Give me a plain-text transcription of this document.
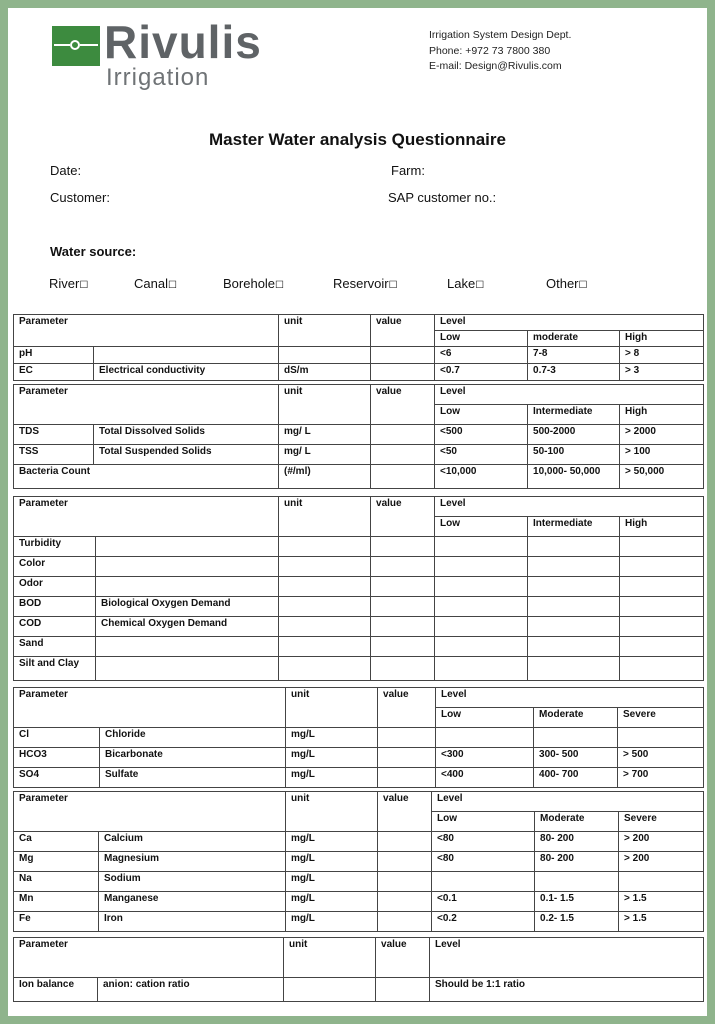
Rivulis
Irrigation
Irrigation System Design Dept.
Phone: +972 73 7800 380
E-mail: Design@Rivulis.com
Master Water analysis Questionnaire
Date:	Farm:
Customer:	SAP customer no.:
Water source:
River☐	Canal☐	Borehole☐	Reservoir☐	Lake☐	Other☐
Parameter		unit	value	Level		
				Low	moderate	High
pH				<6	7-8	> 8
EC	Electrical conductivity	dS/m		<0.7	0.7-3	> 3
Parameter		unit	value	Level		
				Low	Intermediate	High
TDS	Total Dissolved Solids	mg/ L		<500	500-2000	> 2000
TSS	Total Suspended Solids	mg/ L		<50	50-100	> 100
Bacteria Count		(#/ml)		<10,000	10,000- 50,000	> 50,000
Parameter		unit	value	Level		
				Low	Intermediate	High
Turbidity						
Color						
Odor						
BOD	Biological Oxygen Demand					
COD	Chemical Oxygen Demand					
Sand						
Silt and Clay						
Parameter		unit	value	Level		
				Low	Moderate	Severe
Cl	Chloride	mg/L				
HCO3	Bicarbonate	mg/L		<300	300- 500	> 500
SO4	Sulfate	mg/L		<400	400- 700	> 700
Parameter		unit	value	Level		
				Low	Moderate	Severe
Ca	Calcium	mg/L		<80	80- 200	> 200
Mg	Magnesium	mg/L		<80	80- 200	> 200
Na	Sodium	mg/L				
Mn	Manganese	mg/L		<0.1	0.1- 1.5	> 1.5
Fe	Iron	mg/L		<0.2	0.2- 1.5	> 1.5
Parameter		unit	value	Level
Ion balance	anion: cation ratio			Should be 1:1 ratio
